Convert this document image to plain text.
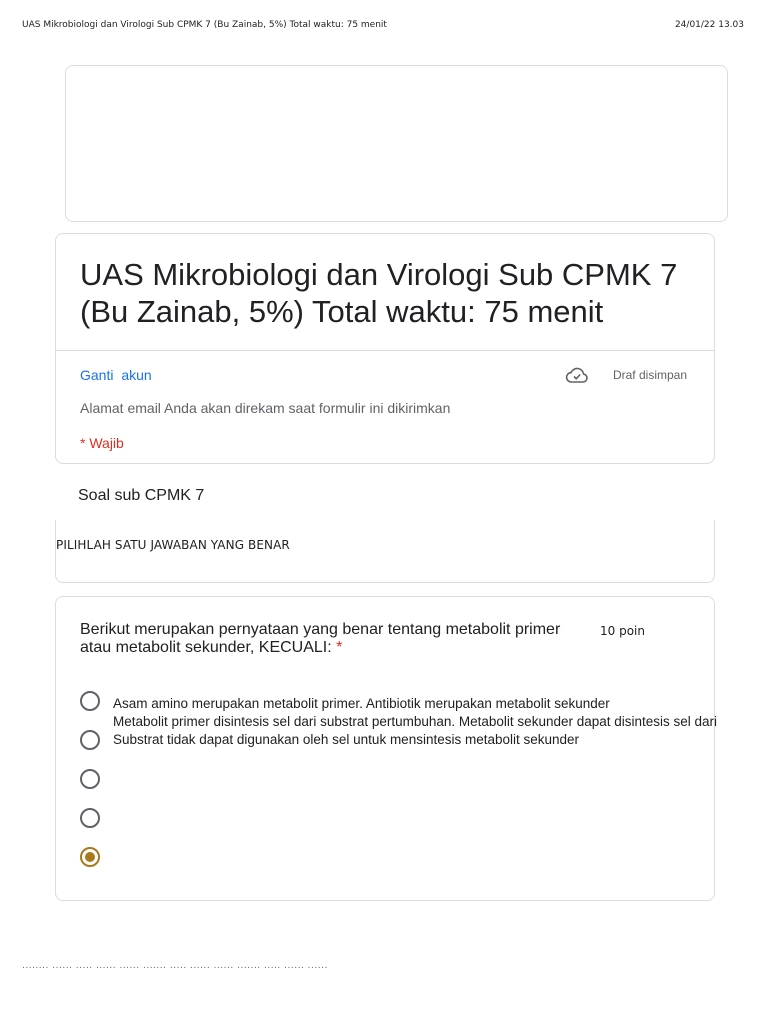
UAS Mikrobiologi dan Virologi Sub CPMK 7 (Bu Zainab, 5%) Total waktu: 75 menit	24/01/22 13.03
UAS Mikrobiologi dan Virologi Sub CPMK 7 (Bu Zainab, 5%) Total waktu: 75 menit
Ganti akun	Draf disimpan
Alamat email Anda akan direkam saat formulir ini dikirimkan
* Wajib
Soal sub CPMK 7
PILIHLAH SATU JAWABAN YANG BENAR
Berikut merupakan pernyataan yang benar tentang metabolit primer atau metabolit sekunder, KECUALI: *
10 poin
Asam amino merupakan metabolit primer. Antibiotik merupakan metabolit sekunder
Metabolit primer disintesis sel dari substrat pertumbuhan. Metabolit sekunder dapat disintesis sel dari
Substrat tidak dapat digunakan oleh sel untuk mensintesis metabolit sekunder
........ ...... ..... ...... ...... ....... ..... ...... ...... ....... ..... ...... ......
